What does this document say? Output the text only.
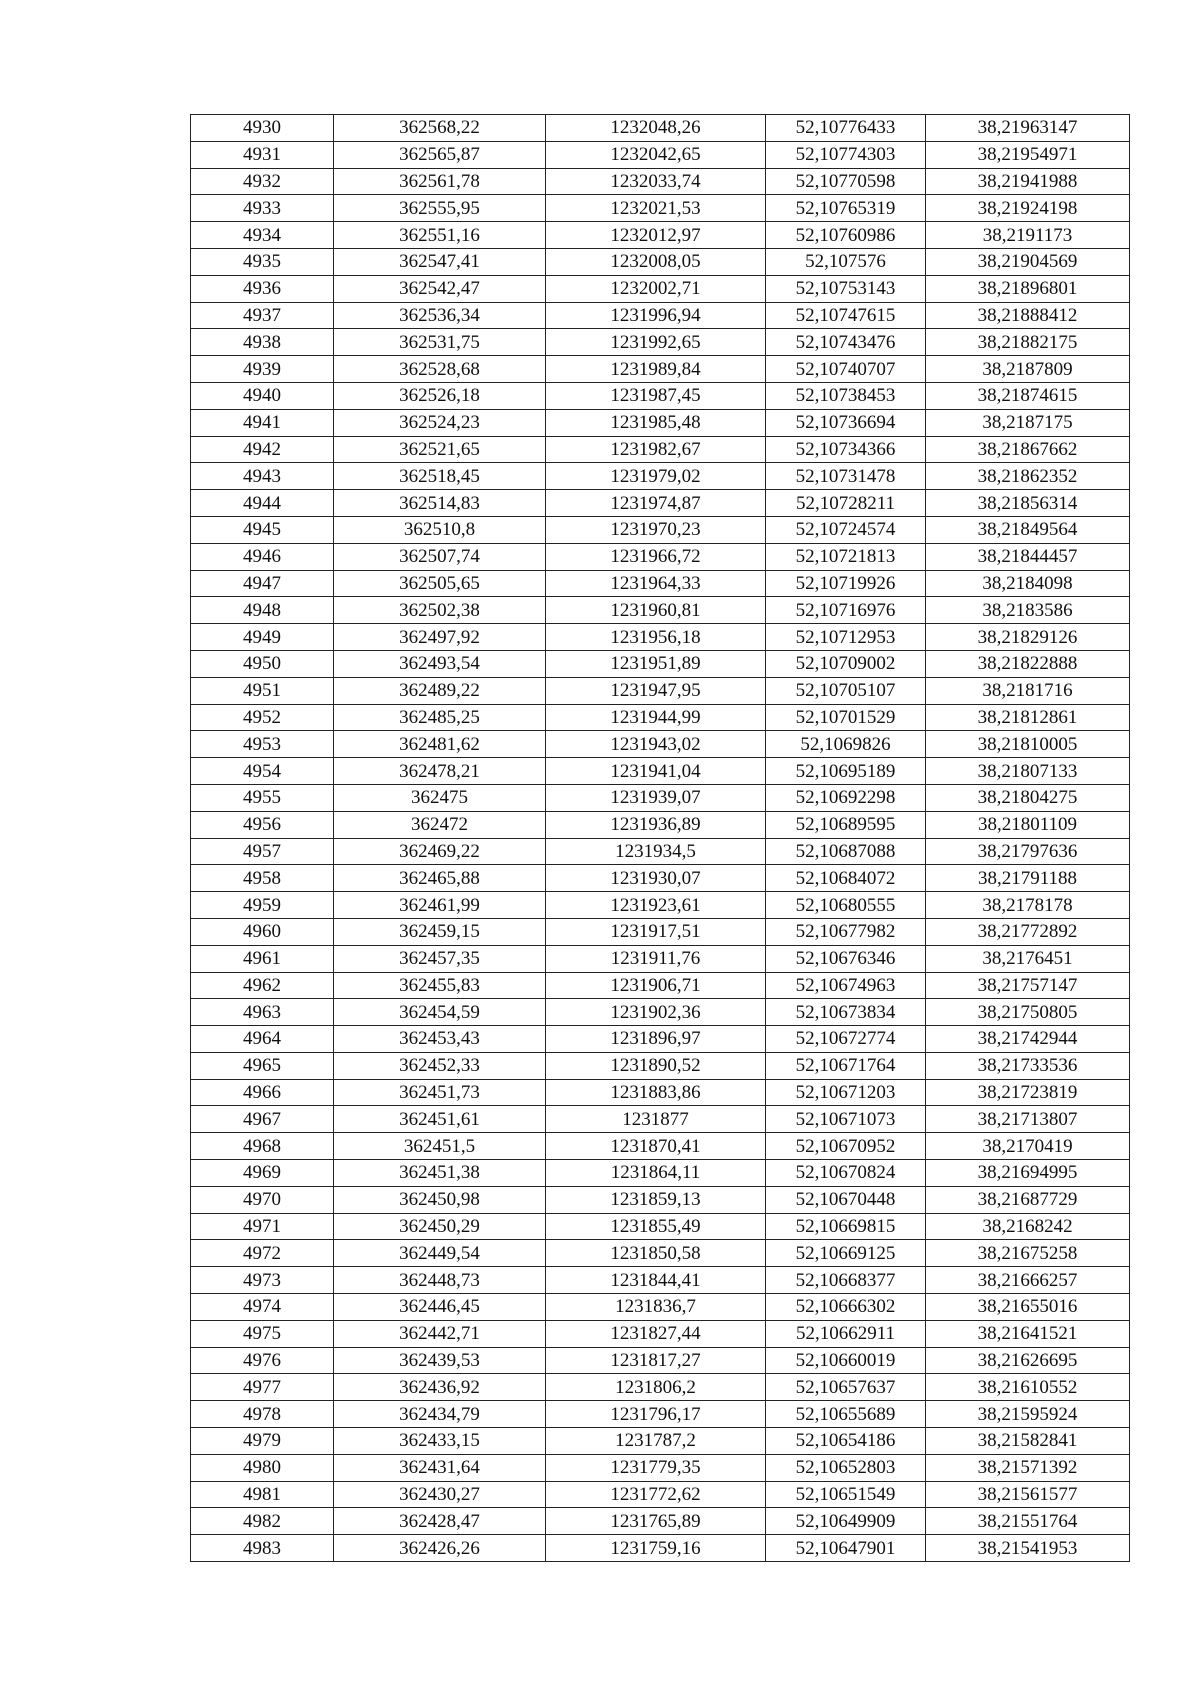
4930	362568,22	1232048,26	52,10776433	38,21963147
4931	362565,87	1232042,65	52,10774303	38,21954971
4932	362561,78	1232033,74	52,10770598	38,21941988
4933	362555,95	1232021,53	52,10765319	38,21924198
4934	362551,16	1232012,97	52,10760986	38,2191173
4935	362547,41	1232008,05	52,107576	38,21904569
4936	362542,47	1232002,71	52,10753143	38,21896801
4937	362536,34	1231996,94	52,10747615	38,21888412
4938	362531,75	1231992,65	52,10743476	38,21882175
4939	362528,68	1231989,84	52,10740707	38,2187809
4940	362526,18	1231987,45	52,10738453	38,21874615
4941	362524,23	1231985,48	52,10736694	38,2187175
4942	362521,65	1231982,67	52,10734366	38,21867662
4943	362518,45	1231979,02	52,10731478	38,21862352
4944	362514,83	1231974,87	52,10728211	38,21856314
4945	362510,8	1231970,23	52,10724574	38,21849564
4946	362507,74	1231966,72	52,10721813	38,21844457
4947	362505,65	1231964,33	52,10719926	38,2184098
4948	362502,38	1231960,81	52,10716976	38,2183586
4949	362497,92	1231956,18	52,10712953	38,21829126
4950	362493,54	1231951,89	52,10709002	38,21822888
4951	362489,22	1231947,95	52,10705107	38,2181716
4952	362485,25	1231944,99	52,10701529	38,21812861
4953	362481,62	1231943,02	52,1069826	38,21810005
4954	362478,21	1231941,04	52,10695189	38,21807133
4955	362475	1231939,07	52,10692298	38,21804275
4956	362472	1231936,89	52,10689595	38,21801109
4957	362469,22	1231934,5	52,10687088	38,21797636
4958	362465,88	1231930,07	52,10684072	38,21791188
4959	362461,99	1231923,61	52,10680555	38,2178178
4960	362459,15	1231917,51	52,10677982	38,21772892
4961	362457,35	1231911,76	52,10676346	38,2176451
4962	362455,83	1231906,71	52,10674963	38,21757147
4963	362454,59	1231902,36	52,10673834	38,21750805
4964	362453,43	1231896,97	52,10672774	38,21742944
4965	362452,33	1231890,52	52,10671764	38,21733536
4966	362451,73	1231883,86	52,10671203	38,21723819
4967	362451,61	1231877	52,10671073	38,21713807
4968	362451,5	1231870,41	52,10670952	38,2170419
4969	362451,38	1231864,11	52,10670824	38,21694995
4970	362450,98	1231859,13	52,10670448	38,21687729
4971	362450,29	1231855,49	52,10669815	38,2168242
4972	362449,54	1231850,58	52,10669125	38,21675258
4973	362448,73	1231844,41	52,10668377	38,21666257
4974	362446,45	1231836,7	52,10666302	38,21655016
4975	362442,71	1231827,44	52,10662911	38,21641521
4976	362439,53	1231817,27	52,10660019	38,21626695
4977	362436,92	1231806,2	52,10657637	38,21610552
4978	362434,79	1231796,17	52,10655689	38,21595924
4979	362433,15	1231787,2	52,10654186	38,21582841
4980	362431,64	1231779,35	52,10652803	38,21571392
4981	362430,27	1231772,62	52,10651549	38,21561577
4982	362428,47	1231765,89	52,10649909	38,21551764
4983	362426,26	1231759,16	52,10647901	38,21541953
